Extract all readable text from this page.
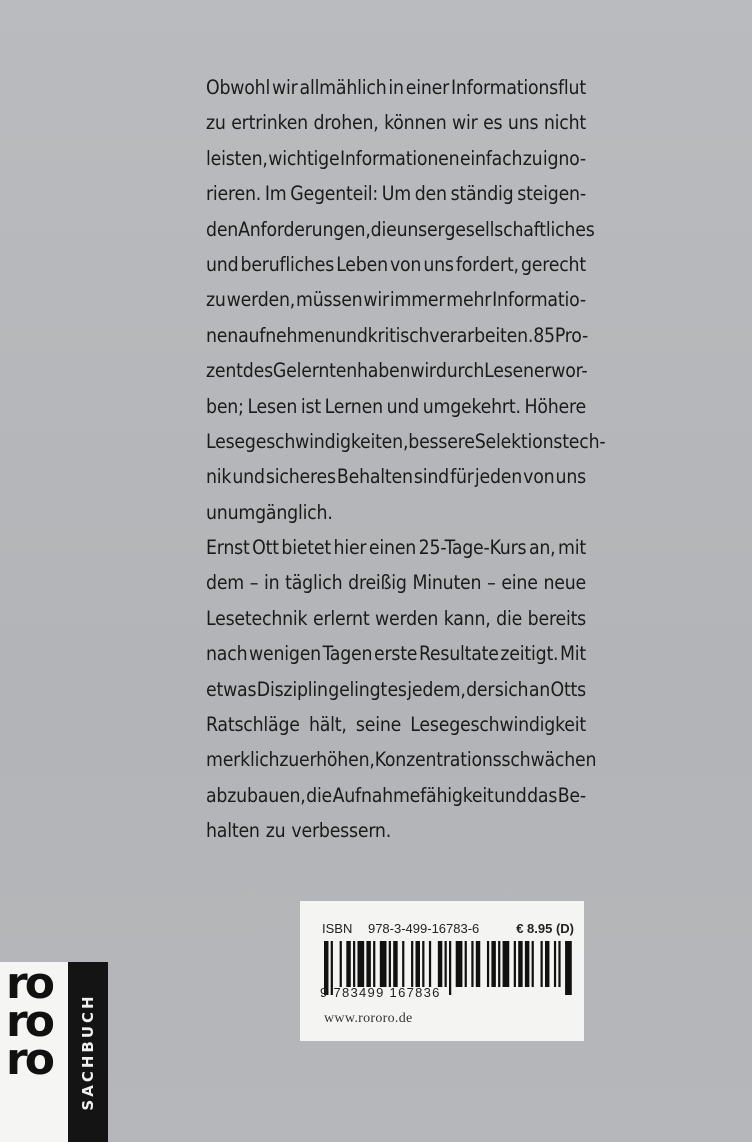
Obwohl wir allmählich in einer Informationsflut
zu ertrinken drohen, können wir es uns nicht
leisten, wichtige Informationen einfach zu igno-
rieren. Im Gegenteil: Um den ständig steigen-
den Anforderungen, die unser gesellschaftliches
und berufliches Leben von uns fordert, gerecht
zu werden, müssen wir immer mehr Informatio-
nen aufnehmen und kritisch verarbeiten. 85 Pro-
zent des Gelernten haben wir durch Lesen erwor-
ben; Lesen ist Lernen und umgekehrt. Höhere
Lesegeschwindigkeiten, bessere Selektionstech-
nik und sicheres Behalten sind für jeden von uns
unumgänglich.
Ernst Ott bietet hier einen 25-Tage-Kurs an, mit
dem – in täglich dreißig Minuten – eine neue
Lesetechnik erlernt werden kann, die bereits
nach wenigen Tagen erste Resultate zeitigt. Mit
etwas Disziplin gelingt es jedem, der sich an Otts
Ratschläge hält, seine Lesegeschwindigkeit
merklich zu erhöhen, Konzentrationsschwächen
abzubauen, die Aufnahmefähigkeit und das Be-
halten zu verbessern.
ISBN 978-3-499-16783-6	€ 8.95 (D)
9 783499 167836
www.rororo.de
ro
ro
ro	SACHBUCH
